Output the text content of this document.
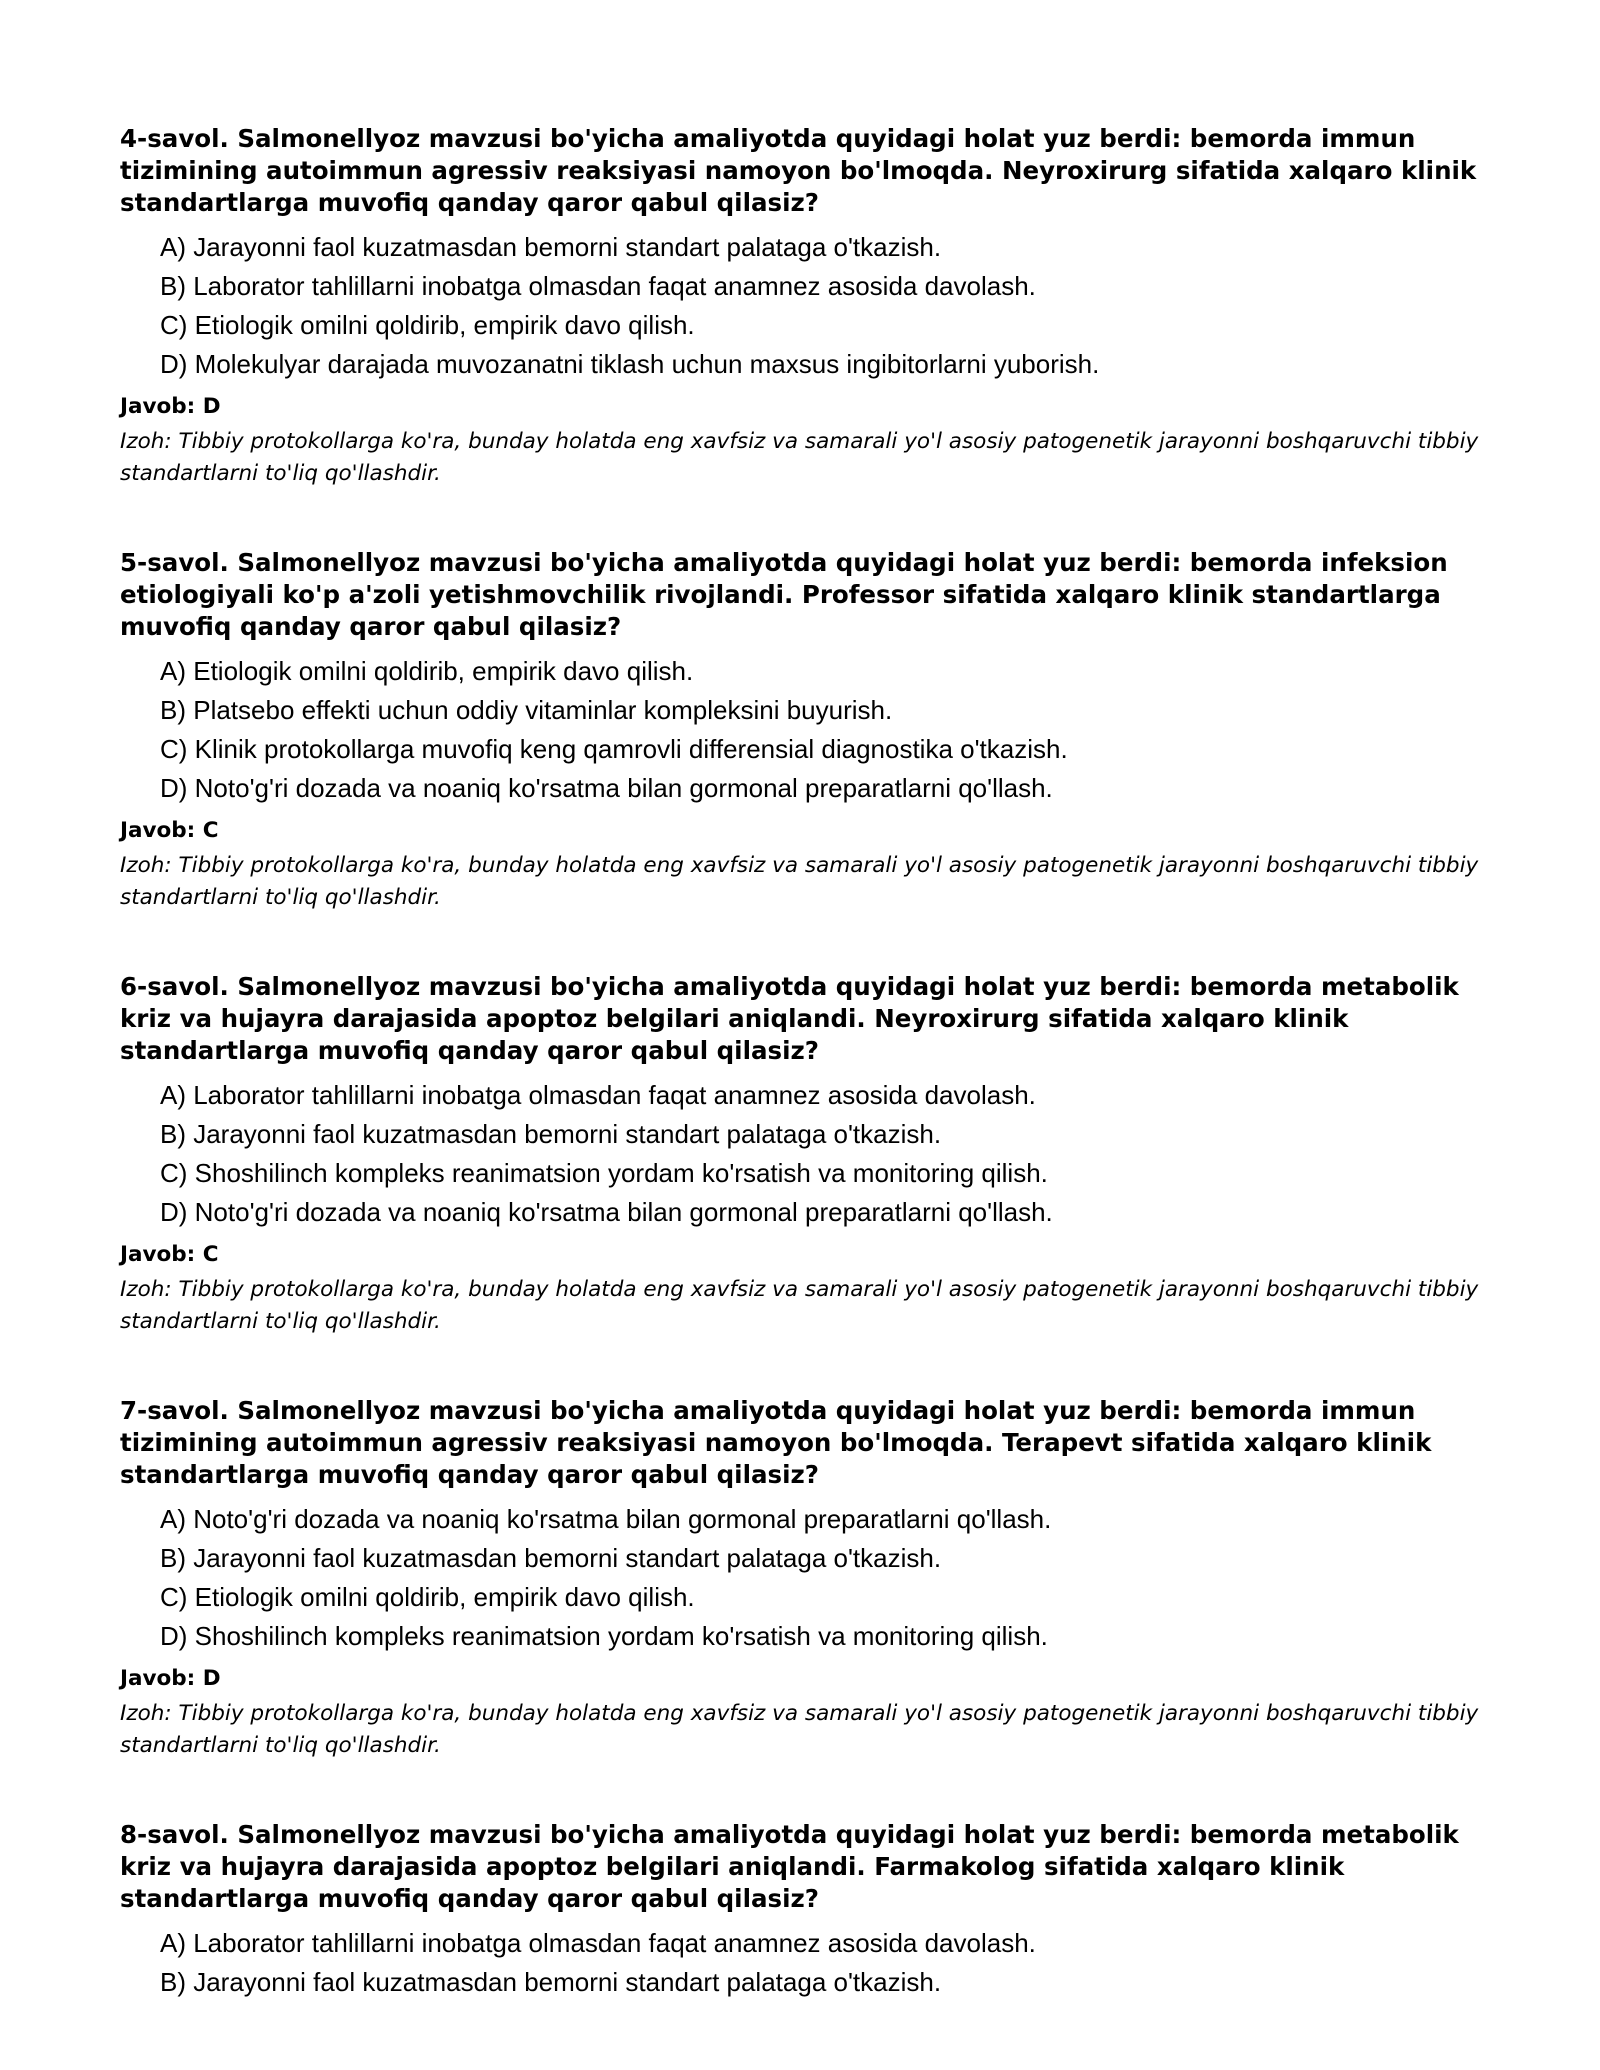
4-savol. Salmonellyoz mavzusi bo'yicha amaliyotda quyidagi holat yuz berdi: bemorda immun tizimining autoimmun agressiv reaksiyasi namoyon bo'lmoqda. Neyroxirurg sifatida xalqaro klinik standartlarga muvofiq qanday qaror qabul qilasiz?

A) Jarayonni faol kuzatmasdan bemorni standart palataga o'tkazish.
B) Laborator tahlillarni inobatga olmasdan faqat anamnez asosida davolash.
C) Etiologik omilni qoldirib, empirik davo qilish.
D) Molekulyar darajada muvozanatni tiklash uchun maxsus ingibitorlarni yuborish.

Javob: D

Izoh: Tibbiy protokollarga ko'ra, bunday holatda eng xavfsiz va samarali yo'l asosiy patogenetik jarayonni boshqaruvchi tibbiy standartlarni to'liq qo'llashdir.

5-savol. Salmonellyoz mavzusi bo'yicha amaliyotda quyidagi holat yuz berdi: bemorda infeksion etiologiyali ko'p a'zoli yetishmovchilik rivojlandi. Professor sifatida xalqaro klinik standartlarga muvofiq qanday qaror qabul qilasiz?

A) Etiologik omilni qoldirib, empirik davo qilish.
B) Platsebo effekti uchun oddiy vitaminlar kompleksini buyurish.
C) Klinik protokollarga muvofiq keng qamrovli differensial diagnostika o'tkazish.
D) Noto'g'ri dozada va noaniq ko'rsatma bilan gormonal preparatlarni qo'llash.

Javob: C

Izoh: Tibbiy protokollarga ko'ra, bunday holatda eng xavfsiz va samarali yo'l asosiy patogenetik jarayonni boshqaruvchi tibbiy standartlarni to'liq qo'llashdir.

6-savol. Salmonellyoz mavzusi bo'yicha amaliyotda quyidagi holat yuz berdi: bemorda metabolik kriz va hujayra darajasida apoptoz belgilari aniqlandi. Neyroxirurg sifatida xalqaro klinik standartlarga muvofiq qanday qaror qabul qilasiz?

A) Laborator tahlillarni inobatga olmasdan faqat anamnez asosida davolash.
B) Jarayonni faol kuzatmasdan bemorni standart palataga o'tkazish.
C) Shoshilinch kompleks reanimatsion yordam ko'rsatish va monitoring qilish.
D) Noto'g'ri dozada va noaniq ko'rsatma bilan gormonal preparatlarni qo'llash.

Javob: C

Izoh: Tibbiy protokollarga ko'ra, bunday holatda eng xavfsiz va samarali yo'l asosiy patogenetik jarayonni boshqaruvchi tibbiy standartlarni to'liq qo'llashdir.

7-savol. Salmonellyoz mavzusi bo'yicha amaliyotda quyidagi holat yuz berdi: bemorda immun tizimining autoimmun agressiv reaksiyasi namoyon bo'lmoqda. Terapevt sifatida xalqaro klinik standartlarga muvofiq qanday qaror qabul qilasiz?

A) Noto'g'ri dozada va noaniq ko'rsatma bilan gormonal preparatlarni qo'llash.
B) Jarayonni faol kuzatmasdan bemorni standart palataga o'tkazish.
C) Etiologik omilni qoldirib, empirik davo qilish.
D) Shoshilinch kompleks reanimatsion yordam ko'rsatish va monitoring qilish.

Javob: D

Izoh: Tibbiy protokollarga ko'ra, bunday holatda eng xavfsiz va samarali yo'l asosiy patogenetik jarayonni boshqaruvchi tibbiy standartlarni to'liq qo'llashdir.

8-savol. Salmonellyoz mavzusi bo'yicha amaliyotda quyidagi holat yuz berdi: bemorda metabolik kriz va hujayra darajasida apoptoz belgilari aniqlandi. Farmakolog sifatida xalqaro klinik standartlarga muvofiq qanday qaror qabul qilasiz?

A) Laborator tahlillarni inobatga olmasdan faqat anamnez asosida davolash.
B) Jarayonni faol kuzatmasdan bemorni standart palataga o'tkazish.
